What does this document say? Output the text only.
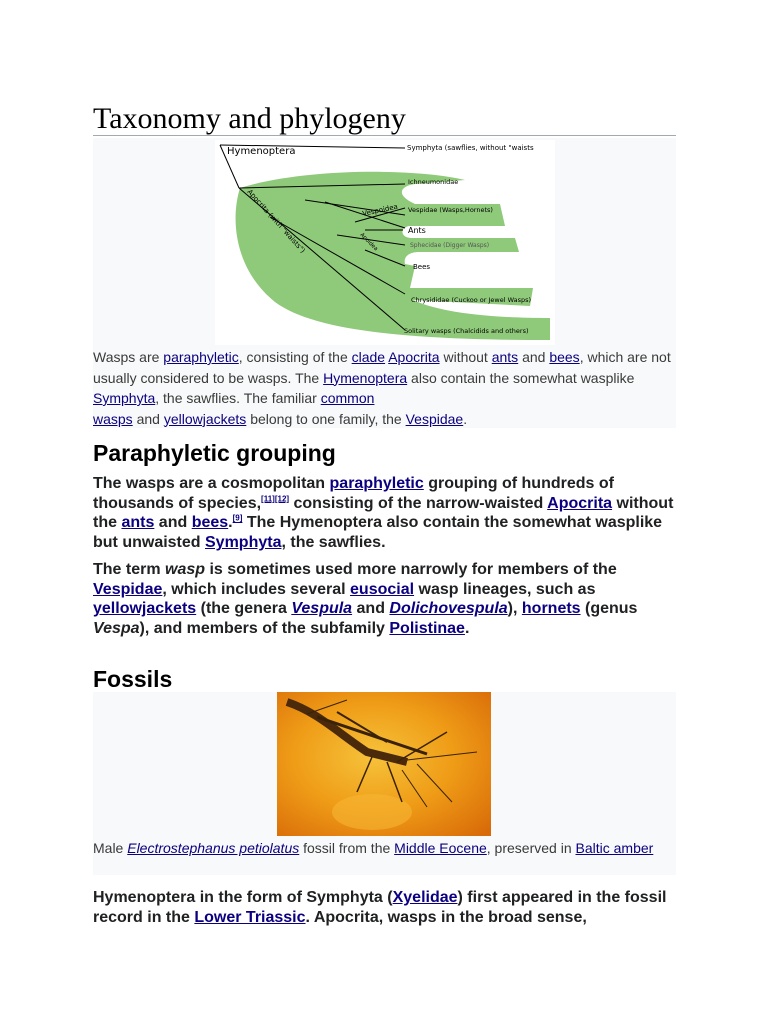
Taxonomy and phylogeny
Hymenoptera	Symphyta (sawflies, without "waists
Ichneumonidae
Vespoidea Vespidae (Wasps,Hornets)
Ants
Apoidea	Sphecidae (Digger Wasps)
Bees
Chrysididae (Cuckoo or Jewel Wasps)
Solitary wasps (Chalcidids and others)
Apocrita (with "waists")
Wasps are paraphyletic, consisting of the clade Apocrita without ants and bees, which are not usually considered to be wasps. The Hymenoptera also contain the somewhat wasplike Symphyta, the sawflies. The familiar common
wasps and yellowjackets belong to one family, the Vespidae.
Paraphyletic grouping
The wasps are a cosmopolitan paraphyletic grouping of hundreds of thousands of species,[11][12] consisting of the narrow-waisted Apocrita without the ants and bees.[9] The Hymenoptera also contain the somewhat wasplike but unwaisted Symphyta, the sawflies.
The term wasp is sometimes used more narrowly for members of the Vespidae, which includes several eusocial wasp lineages, such as yellowjackets (the genera Vespula and Dolichovespula), hornets (genus Vespa), and members of the subfamily Polistinae.
Fossils
Male Electrostephanus petiolatus fossil from the Middle Eocene, preserved in Baltic amber
Hymenoptera in the form of Symphyta (Xyelidae) first appeared in the fossil record in the Lower Triassic. Apocrita, wasps in the broad sense,
